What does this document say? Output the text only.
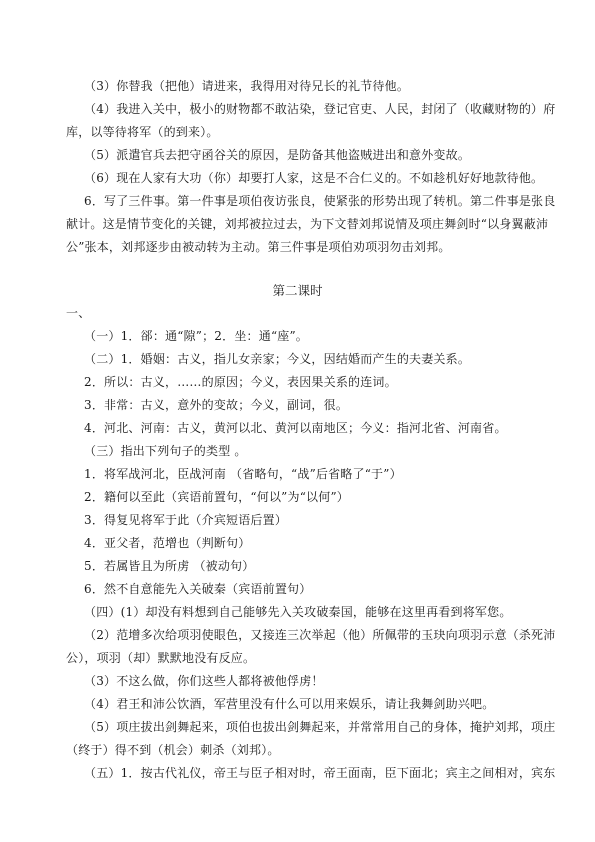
（3）你替我（把他）请进来，我得用对待兄长的礼节待他。
（4）我进入关中，极小的财物都不敢沾染，登记官吏、人民，封闭了（收藏财物的）府
库，以等待将军（的到来）。
（5）派遣官兵去把守函谷关的原因，是防备其他盗贼进出和意外变故。
（6）现在人家有大功（你）却要打人家，这是不合仁义的。不如趁机好好地款待他。
6．写了三件事。第一件事是项伯夜访张良，使紧张的形势出现了转机。第二件事是张良
献计。这是情节变化的关键，刘邦被拉过去，为下文替刘邦说情及项庄舞剑时“以身翼蔽沛
公”张本，刘邦逐步由被动转为主动。第三件事是项伯劝项羽勿击刘邦。
第二课时
一、
（一）1．郤：通“隙”；2．坐：通“座”。
（二）1．婚姻：古义，指儿女亲家；今义，因结婚而产生的夫妻关系。
2．所以：古义，……的原因；今义，表因果关系的连词。
3．非常：古义，意外的变故；今义，副词，很。
4．河北、河南：古义，黄河以北、黄河以南地区；今义：指河北省、河南省。
（三）指出下列句子的类型 。
1．将军战河北，臣战河南 （省略句，“战”后省略了“于”）
2．籍何以至此（宾语前置句，“何以”为“以何”）
3．得复见将军于此（介宾短语后置）
4．亚父者，范增也（判断句）
5．若属皆且为所虏 （被动句）
6．然不自意能先入关破秦（宾语前置句）
（四）(1）却没有料想到自己能够先入关攻破秦国，能够在这里再看到将军您。
（2）范增多次给项羽使眼色，又接连三次举起（他）所佩带的玉玦向项羽示意（杀死沛
公），项羽（却）默默地没有反应。
（3）不这么做，你们这些人都将被他俘虏！
（4）君王和沛公饮酒，军营里没有什么可以用来娱乐，请让我舞剑助兴吧。
（5）项庄拔出剑舞起来，项伯也拔出剑舞起来，并常常用自己的身体，掩护刘邦，项庄
（终于）得不到（机会）刺杀（刘邦）。
（五）1．按古代礼仪，帝王与臣子相对时，帝王面南，臣下面北；宾主之间相对，宾东
